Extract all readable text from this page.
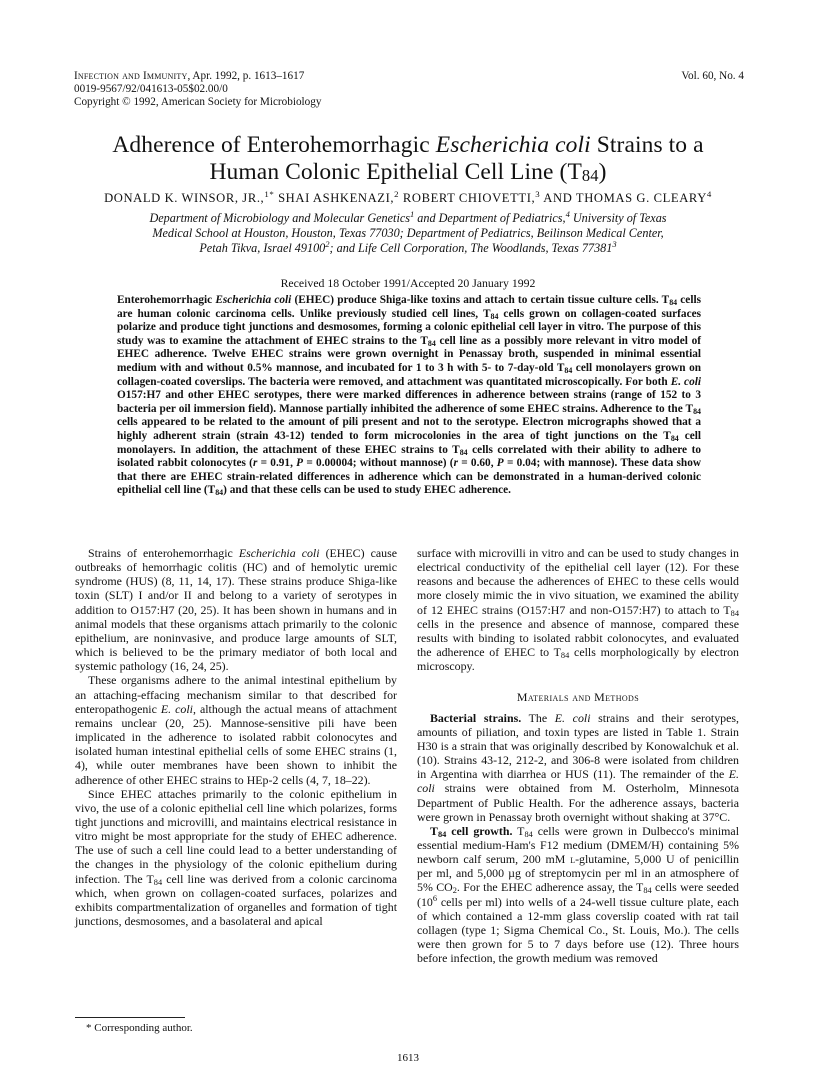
Infection and Immunity, Apr. 1992, p. 1613–1617
0019-9567/92/041613-05$02.00/0
Copyright © 1992, American Society for Microbiology
Vol. 60, No. 4
Adherence of Enterohemorrhagic Escherichia coli Strains to a
Human Colonic Epithelial Cell Line $(T_{84})$
DONALD K. WINSOR, JR.,$^{1*}$ SHAI ASHKENAZI,$^2$ ROBERT CHIOVETTI,$^3$ AND THOMAS G. CLEARY$^4$
Department of Microbiology and Molecular Genetics$^1$ and Department of Pediatrics,$^4$ University of Texas
Medical School at Houston, Houston, Texas 77030; Department of Pediatrics, Beilinson Medical Center,
Petah Tikva, Israel 49100$^2$; and Life Cell Corporation, The Woodlands, Texas 77381$^3$
Received 18 October 1991/Accepted 20 January 1992
Enterohemorrhagic Escherichia coli (EHEC) produce Shiga-like toxins and attach to certain tissue culture cells. $T_{84}$ cells are human colonic carcinoma cells. Unlike previously studied cell lines, $T_{84}$ cells grown on collagen-coated surfaces polarize and produce tight junctions and desmosomes, forming a colonic epithelial cell layer in vitro. The purpose of this study was to examine the attachment of EHEC strains to the $T_{84}$ cell line as a possibly more relevant in vitro model of EHEC adherence. Twelve EHEC strains were grown overnight in Penassay broth, suspended in minimal essential medium with and without 0.5% mannose, and incubated for 1 to 3 h with 5- to 7-day-old $T_{84}$ cell monolayers grown on collagen-coated coverslips. The bacteria were removed, and attachment was quantitated microscopically. For both E. coli O157:H7 and other EHEC serotypes, there were marked differences in adherence between strains (range of 152 to 3 bacteria per oil immersion field). Mannose partially inhibited the adherence of some EHEC strains. Adherence to the $T_{84}$ cells appeared to be related to the amount of pili present and not to the serotype. Electron micrographs showed that a highly adherent strain (strain 43-12) tended to form microcolonies in the area of tight junctions on the $T_{84}$ cell monolayers. In addition, the attachment of these EHEC strains to $T_{84}$ cells correlated with their ability to adhere to isolated rabbit colonocytes (r = 0.91, P = 0.00004; without mannose) (r = 0.60, P = 0.04; with mannose). These data show that there are EHEC strain-related differences in adherence which can be demonstrated in a human-derived colonic epithelial cell line $(T_{84})$ and that these cells can be used to study EHEC adherence.

Strains of enterohemorrhagic Escherichia coli (EHEC) cause outbreaks of hemorrhagic colitis (HC) and of hemolytic uremic syndrome (HUS) (8, 11, 14, 17). These strains produce Shiga-like toxin (SLT) I and/or II and belong to a variety of serotypes in addition to O157:H7 (20, 25). It has been shown in humans and in animal models that these organisms attach primarily to the colonic epithelium, are noninvasive, and produce large amounts of SLT, which is believed to be the primary mediator of both local and systemic pathology (16, 24, 25).

These organisms adhere to the animal intestinal epithelium by an attaching-effacing mechanism similar to that described for enteropathogenic E. coli, although the actual means of attachment remains unclear (20, 25). Mannose-sensitive pili have been implicated in the adherence to isolated rabbit colonocytes and isolated human intestinal epithelial cells of some EHEC strains (1, 4), while outer membranes have been shown to inhibit the adherence of other EHEC strains to HEp-2 cells (4, 7, 18–22).

Since EHEC attaches primarily to the colonic epithelium in vivo, the use of a colonic epithelial cell line which polarizes, forms tight junctions and microvilli, and maintains electrical resistance in vitro might be most appropriate for the study of EHEC adherence. The use of such a cell line could lead to a better understanding of the changes in the physiology of the colonic epithelium during infection. The $T_{84}$ cell line was derived from a colonic carcinoma which, when grown on collagen-coated surfaces, polarizes and exhibits compartmentalization of organelles and formation of tight junctions, desmosomes, and a basolateral and apical

surface with microvilli in vitro and can be used to study changes in electrical conductivity of the epithelial cell layer (12). For these reasons and because the adherences of EHEC to these cells would more closely mimic the in vivo situation, we examined the ability of 12 EHEC strains (O157:H7 and non-O157:H7) to attach to $T_{84}$ cells in the presence and absence of mannose, compared these results with binding to isolated rabbit colonocytes, and evaluated the adherence of EHEC to $T_{84}$ cells morphologically by electron microscopy.

Materials and Methods

Bacterial strains. The E. coli strains and their serotypes, amounts of piliation, and toxin types are listed in Table 1. Strain H30 is a strain that was originally described by Konowalchuk et al. (10). Strains 43-12, 212-2, and 306-8 were isolated from children in Argentina with diarrhea or HUS (11). The remainder of the E. coli strains were obtained from M. Osterholm, Minnesota Department of Public Health. For the adherence assays, bacteria were grown in Penassay broth overnight without shaking at 37°C.

$T_{84}$ cell growth. $T_{84}$ cells were grown in Dulbecco's minimal essential medium-Ham's F12 medium (DMEM/H) containing 5% newborn calf serum, 200 mM l-glutamine, 5,000 U of penicillin per ml, and 5,000 µg of streptomycin per ml in an atmosphere of 5% $CO_2$. For the EHEC adherence assay, the $T_{84}$ cells were seeded ($10^6$ cells per ml) into wells of a 24-well tissue culture plate, each of which contained a 12-mm glass coverslip coated with rat tail collagen (type 1; Sigma Chemical Co., St. Louis, Mo.). The cells were then grown for 5 to 7 days before use (12). Three hours before infection, the growth medium was removed

* Corresponding author.
1613
